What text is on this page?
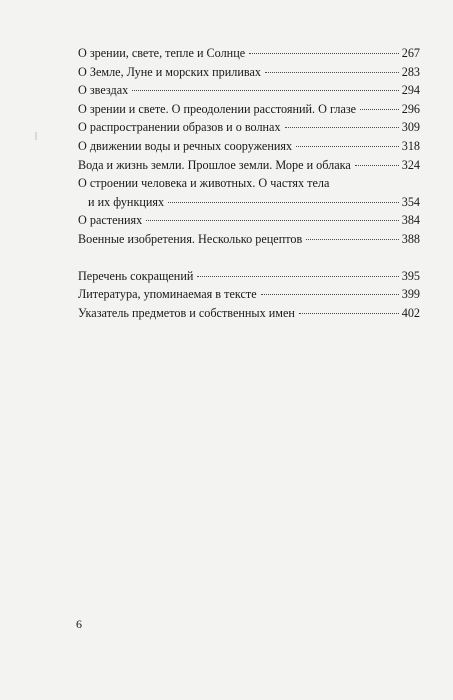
О зрении, свете, тепле и Солнце	267
О Земле, Луне и морских приливах	283
О звездах	294
О зрении и свете. О преодолении расстояний. О глазе	296
О распространении образов и о волнах	309
О движении воды и речных сооружениях	318
Вода и жизнь земли. Прошлое земли. Море и облака	324
О строении человека и животных. О частях тела
и их функциях	354
О растениях	384
Военные изобретения. Несколько рецептов	388
Перечень сокращений	395
Литература, упоминаемая в тексте	399
Указатель предметов и собственных имен	402
6
